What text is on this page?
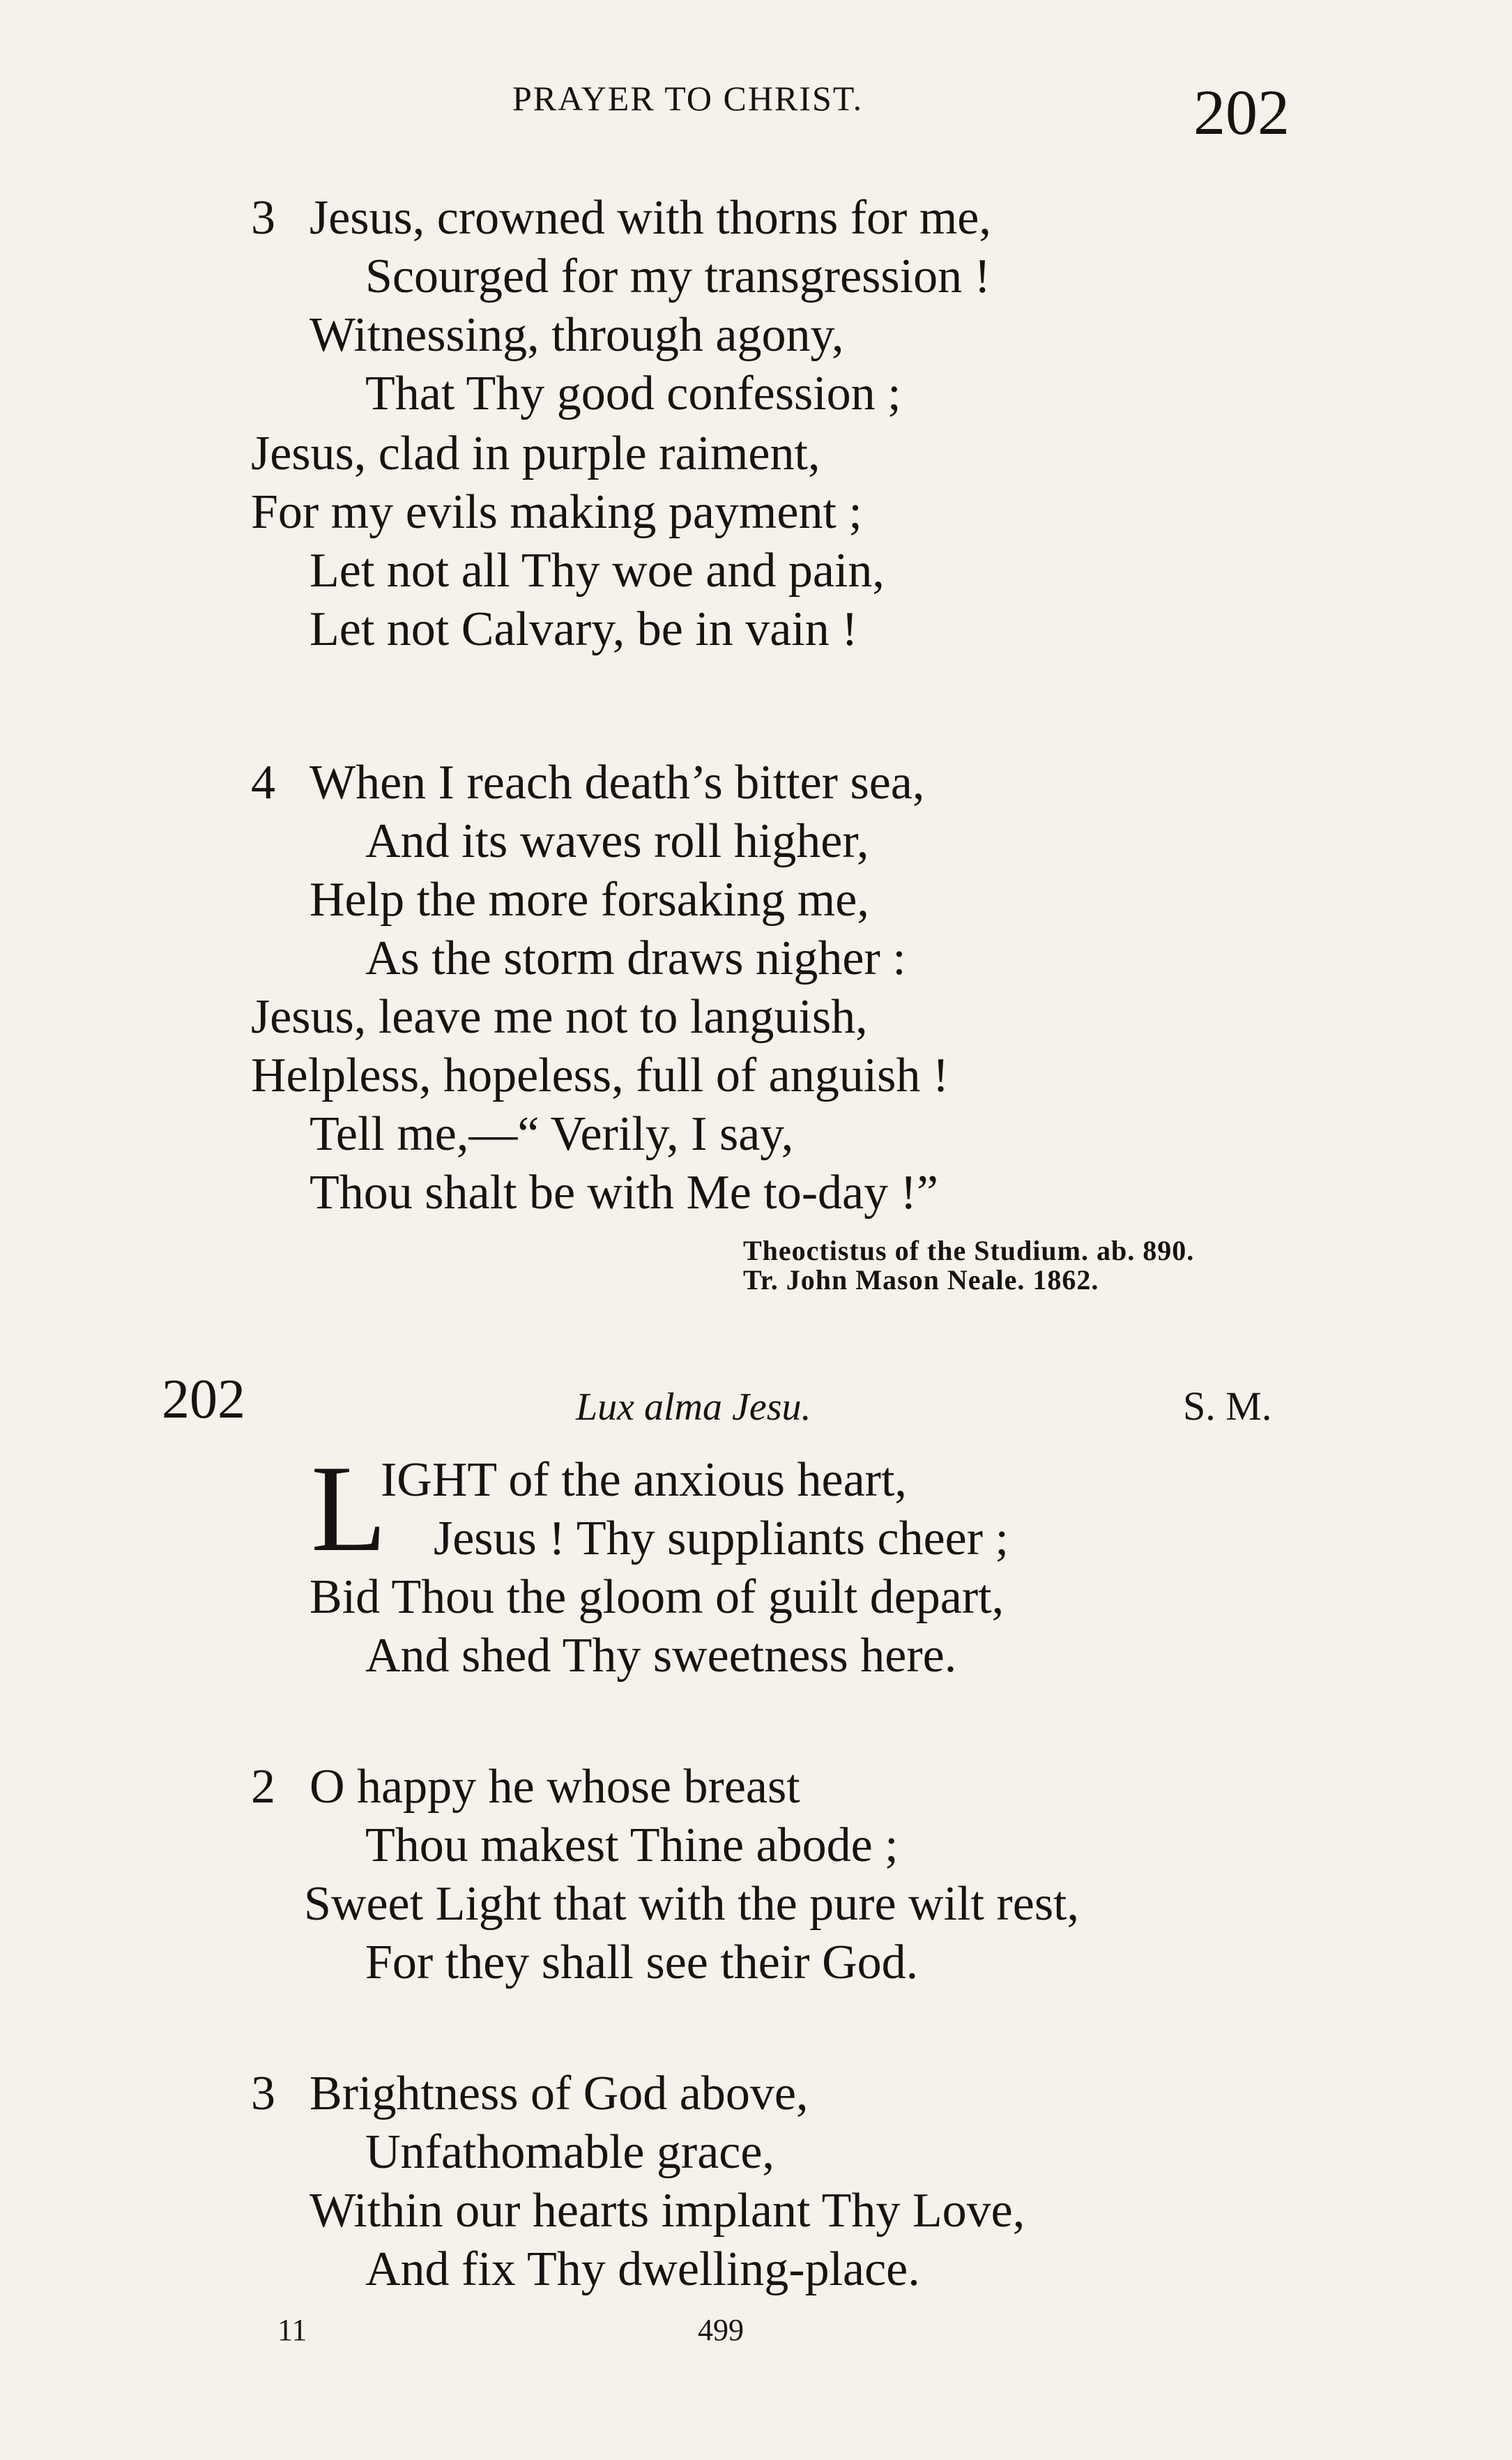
PRAYER TO CHRIST.	202
3 Jesus, crowned with thorns for me,
Scourged for my transgression !
Witnessing, through agony,
That Thy good confession ;
Jesus, clad in purple raiment,
For my evils making payment ;
Let not all Thy woe and pain,
Let not Calvary, be in vain !
4 When I reach death’s bitter sea,
And its waves roll higher,
Help the more forsaking me,
As the storm draws nigher :
Jesus, leave me not to languish,
Helpless, hopeless, full of anguish !
Tell me,—“ Verily, I say,
Thou shalt be with Me to-day !”
Theoctistus of the Studium. ab. 890.
Tr. John Mason Neale. 1862.
202	Lux alma Jesu.	S. M.
L
IGHT of the anxious heart,
Jesus ! Thy suppliants cheer ;
Bid Thou the gloom of guilt depart,
And shed Thy sweetness here.
2 O happy he whose breast
Thou makest Thine abode ;
Sweet Light that with the pure wilt rest,
For they shall see their God.
3 Brightness of God above,
Unfathomable grace,
Within our hearts implant Thy Love,
And fix Thy dwelling-place.
11	499
